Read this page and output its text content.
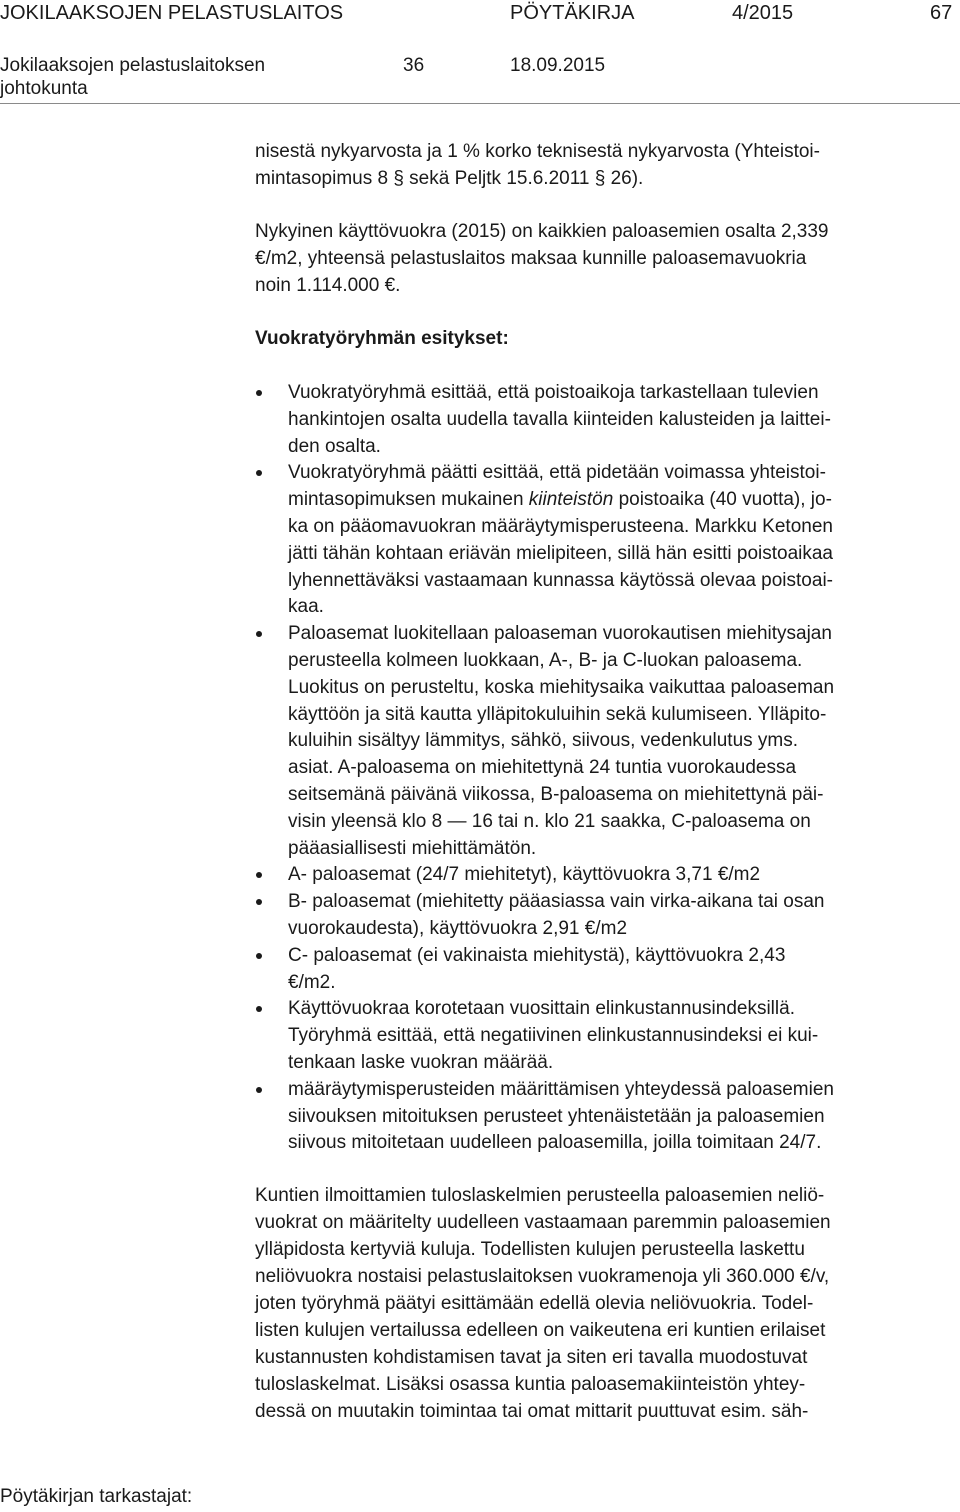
JOKILAAKSOJEN PELASTUSLAITOS	PÖYTÄKIRJA	4/2015	67
Jokilaaksojen pelastuslaitoksen
johtokunta
36	18.09.2015
nisestä nykyarvosta ja 1 % korko teknisestä nykyarvosta (Yhteistoi-
mintasopimus 8 § sekä Peljtk 15.6.2011 § 26).
Nykyinen käyttövuokra (2015) on kaikkien paloasemien osalta 2,339
€/m2, yhteensä pelastuslaitos maksaa kunnille paloasemavuokria
noin 1.114.000 €.
Vuokratyöryhmän esitykset:
Vuokratyöryhmä esittää, että poistoaikoja tarkastellaan tulevien
hankintojen osalta uudella tavalla kiinteiden kalusteiden ja laittei-
den osalta.
Vuokratyöryhmä päätti esittää, että pidetään voimassa yhteistoi-
mintasopimuksen mukainen kiinteistön poistoaika (40 vuotta), jo-
ka on pääomavuokran määräytymisperusteena. Markku Ketonen
jätti tähän kohtaan eriävän mielipiteen, sillä hän esitti poistoaikaa
lyhennettäväksi vastaamaan kunnassa käytössä olevaa poistoai-
kaa.
Paloasemat luokitellaan paloaseman vuorokautisen miehitysajan
perusteella kolmeen luokkaan, A-, B- ja C-luokan paloasema.
Luokitus on perusteltu, koska miehitysaika vaikuttaa paloaseman
käyttöön ja sitä kautta ylläpitokuluihin sekä kulumiseen. Ylläpito-
kuluihin sisältyy lämmitys, sähkö, siivous, vedenkulutus yms.
asiat. A-paloasema on miehitettynä 24 tuntia vuorokaudessa
seitsemänä päivänä viikossa, B-paloasema on miehitettynä päi-
visin yleensä klo 8 — 16 tai n. klo 21 saakka, C-paloasema on
pääasiallisesti miehittämätön.
A- paloasemat (24/7 miehitetyt), käyttövuokra 3,71 €/m2
B- paloasemat (miehitetty pääasiassa vain virka-aikana tai osan
vuorokaudesta), käyttövuokra 2,91 €/m2
C- paloasemat (ei vakinaista miehitystä), käyttövuokra 2,43
€/m2.
Käyttövuokraa korotetaan vuosittain elinkustannusindeksillä.
Työryhmä esittää, että negatiivinen elinkustannusindeksi ei kui-
tenkaan laske vuokran määrää.
määräytymisperusteiden määrittämisen yhteydessä paloasemien
siivouksen mitoituksen perusteet yhtenäistetään ja paloasemien
siivous mitoitetaan uudelleen paloasemilla, joilla toimitaan 24/7.
Kuntien ilmoittamien tuloslaskelmien perusteella paloasemien neliö-
vuokrat on määritelty uudelleen vastaamaan paremmin paloasemien
ylläpidosta kertyviä kuluja. Todellisten kulujen perusteella laskettu
neliövuokra nostaisi pelastuslaitoksen vuokramenoja yli 360.000 €/v,
joten työryhmä päätyi esittämään edellä olevia neliövuokria. Todel-
listen kulujen vertailussa edelleen on vaikeutena eri kuntien erilaiset
kustannusten kohdistamisen tavat ja siten eri tavalla muodostuvat
tuloslaskelmat. Lisäksi osassa kuntia paloasemakiinteistön yhtey-
dessä on muutakin toimintaa tai omat mittarit puuttuvat esim. säh-
Pöytäkirjan tarkastajat:
